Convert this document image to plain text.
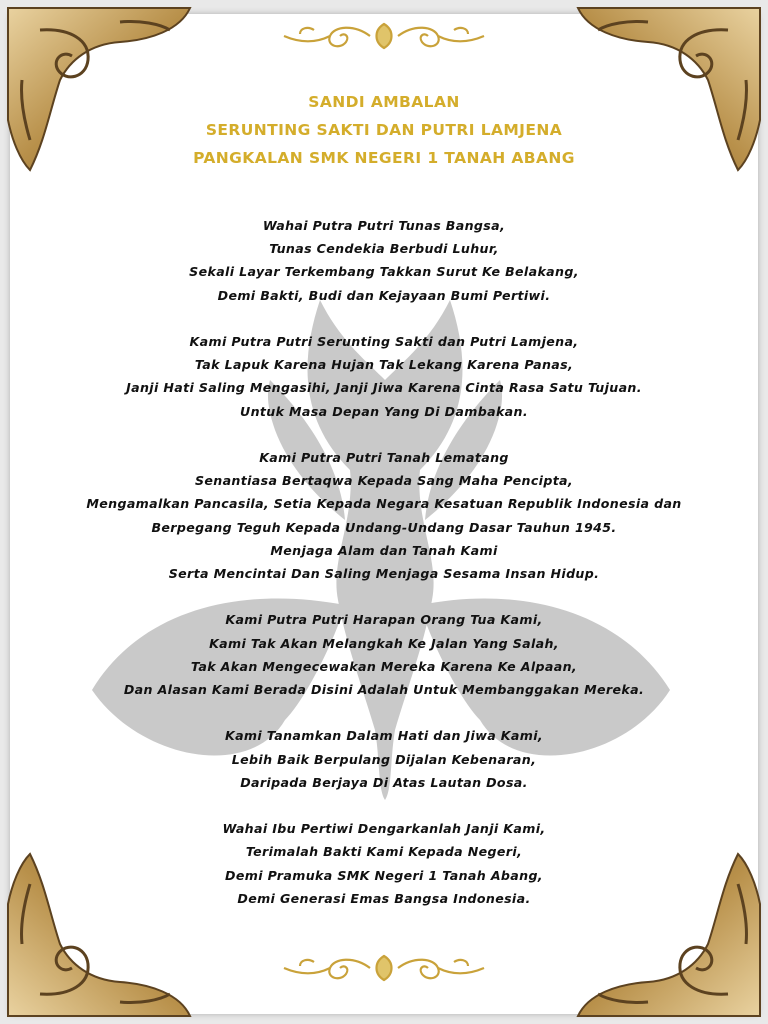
SANDI AMBALAN
SERUNTING SAKTI DAN PUTRI LAMJENA
PANGKALAN SMK NEGERI 1 TANAH ABANG
Wahai Putra Putri Tunas Bangsa,
Tunas Cendekia Berbudi Luhur,
Sekali Layar Terkembang Takkan Surut Ke Belakang,
Demi Bakti, Budi dan Kejayaan Bumi Pertiwi.
Kami Putra Putri Serunting Sakti dan Putri Lamjena,
Tak Lapuk Karena Hujan Tak Lekang Karena Panas,
Janji Hati Saling Mengasihi, Janji Jiwa Karena Cinta Rasa Satu Tujuan.
Untuk Masa Depan Yang Di Dambakan.
Kami Putra Putri Tanah Lematang
Senantiasa Bertaqwa Kepada Sang Maha Pencipta,
Mengamalkan Pancasila, Setia Kepada Negara Kesatuan Republik Indonesia dan
Berpegang Teguh Kepada Undang-Undang Dasar Tauhun 1945.
Menjaga Alam dan Tanah Kami
Serta Mencintai Dan Saling Menjaga Sesama Insan Hidup.
Kami Putra Putri Harapan Orang Tua Kami,
Kami Tak Akan Melangkah Ke Jalan Yang Salah,
Tak Akan Mengecewakan Mereka Karena Ke Alpaan,
Dan Alasan Kami Berada Disini Adalah Untuk Membanggakan Mereka.
Kami Tanamkan Dalam Hati dan Jiwa Kami,
Lebih Baik Berpulang Dijalan Kebenaran,
Daripada Berjaya Di Atas Lautan Dosa.
Wahai Ibu Pertiwi Dengarkanlah Janji Kami,
Terimalah Bakti Kami Kepada Negeri,
Demi Pramuka SMK Negeri 1 Tanah Abang,
Demi Generasi Emas Bangsa Indonesia.
